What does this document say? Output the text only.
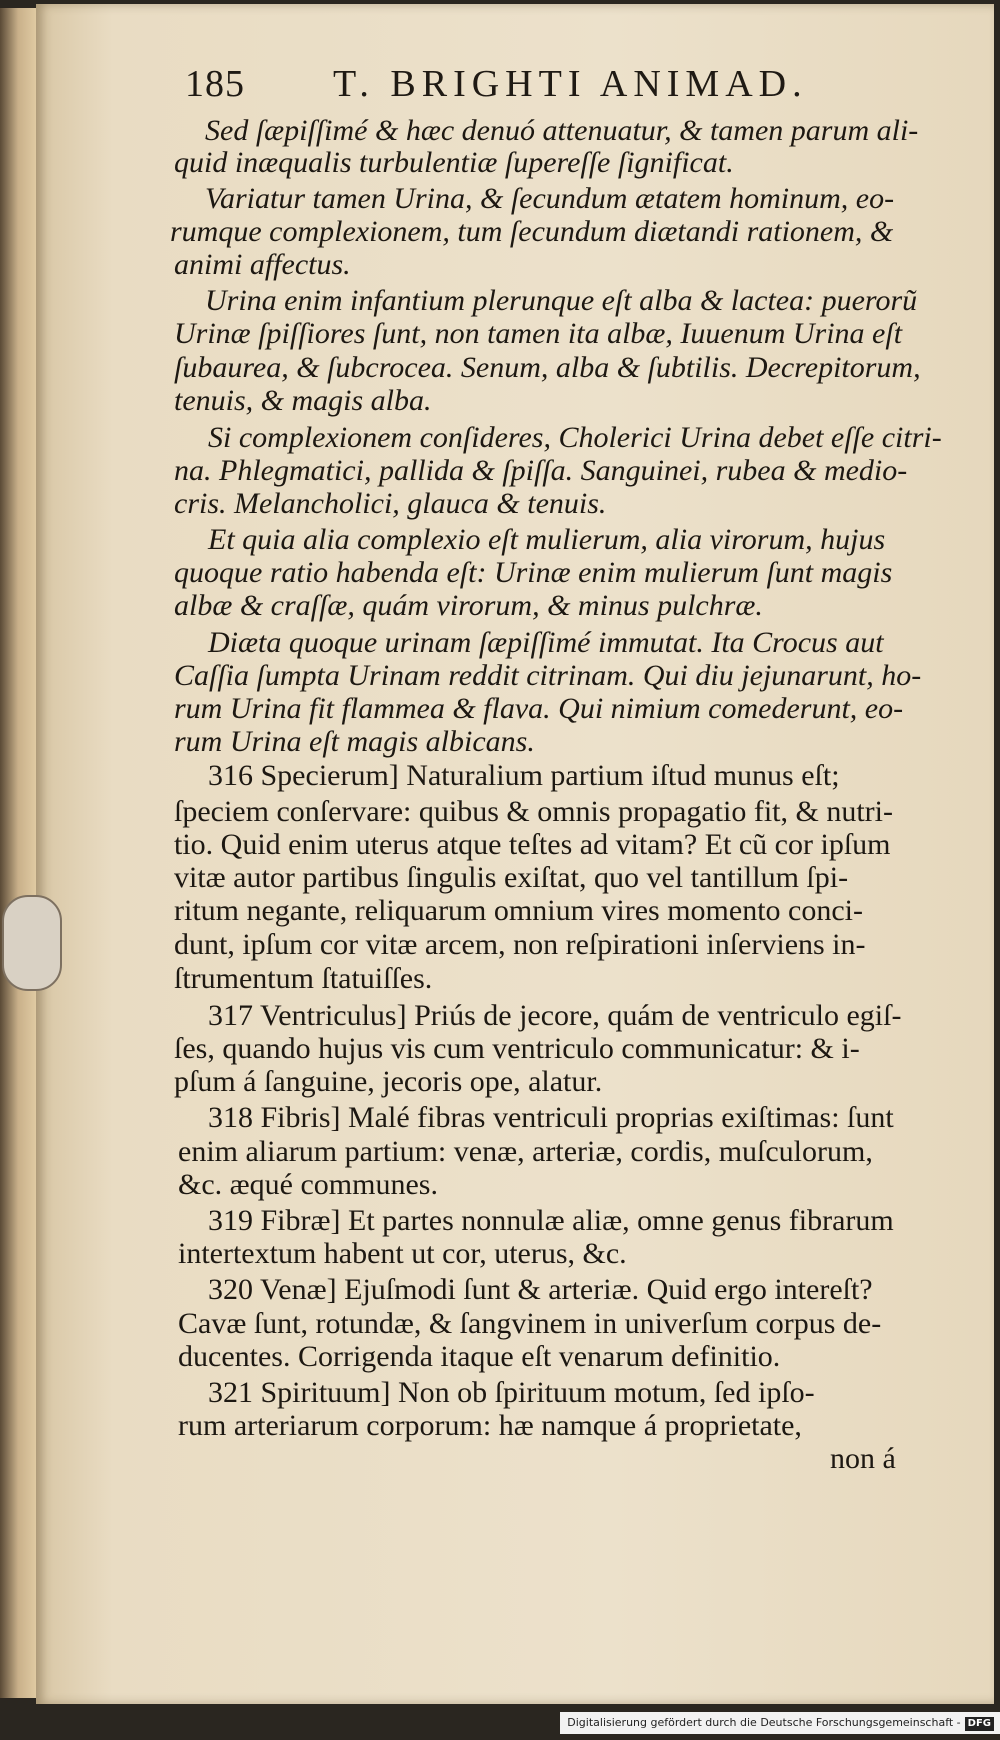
185 T. BRIGHTI ANIMAD.
Sed ſæpiſſimé & hæc denuó attenuatur, & tamen parum ali-
quid inæqualis turbulentiæ ſupereſſe ſignificat.
Variatur tamen Urina, & ſecundum ætatem hominum, eo-
rumque complexionem, tum ſecundum diætandi rationem, &
animi affectus.
Urina enim infantium plerunque eſt alba & lactea: puerorũ
Urinæ ſpiſſiores ſunt, non tamen ita albæ, Iuuenum Urina eſt
ſubaurea, & ſubcrocea. Senum, alba & ſubtilis. Decrepitorum,
tenuis, & magis alba.
Si complexionem conſideres, Cholerici Urina debet eſſe citri-
na. Phlegmatici, pallida & ſpiſſa. Sanguinei, rubea & medio-
cris. Melancholici, glauca & tenuis.
Et quia alia complexio eſt mulierum, alia virorum, hujus
quoque ratio habenda eſt: Urinæ enim mulierum ſunt magis
albæ & craſſæ, quám virorum, & minus pulchræ.
Diæta quoque urinam ſæpiſſimé immutat. Ita Crocus aut
Caſſia ſumpta Urinam reddit citrinam. Qui diu jejunarunt, ho-
rum Urina fit flammea & flava. Qui nimium comederunt, eo-
rum Urina eſt magis albicans.
316 Specierum] Naturalium partium iſtud munus eſt;
ſpeciem conſervare: quibus & omnis propagatio fit, & nutri-
tio. Quid enim uterus atque teſtes ad vitam? Et cũ cor ipſum
vitæ autor partibus ſingulis exiſtat, quo vel tantillum ſpi-
ritum negante, reliquarum omnium vires momento conci-
dunt, ipſum cor vitæ arcem, non reſpirationi inſerviens in-
ſtrumentum ſtatuiſſes.
317 Ventriculus] Priús de jecore, quám de ventriculo egiſ-
ſes, quando hujus vis cum ventriculo communicatur: & i-
pſum á ſanguine, jecoris ope, alatur.
318 Fibris] Malé fibras ventriculi proprias exiſtimas: ſunt
enim aliarum partium: venæ, arteriæ, cordis, muſculorum,
&c. æqué communes.
319 Fibræ] Et partes nonnulæ aliæ, omne genus fibrarum
intertextum habent ut cor, uterus, &c.
320 Venæ] Ejuſmodi ſunt & arteriæ. Quid ergo intereſt?
Cavæ ſunt, rotundæ, & ſangvinem in univerſum corpus de-
ducentes. Corrigenda itaque eſt venarum definitio.
321 Spirituum] Non ob ſpirituum motum, ſed ipſo-
rum arteriarum corporum: hæ namque á proprietate,
non á
Digitalisierung gefördert durch die Deutsche Forschungsgemeinschaft - DFG
